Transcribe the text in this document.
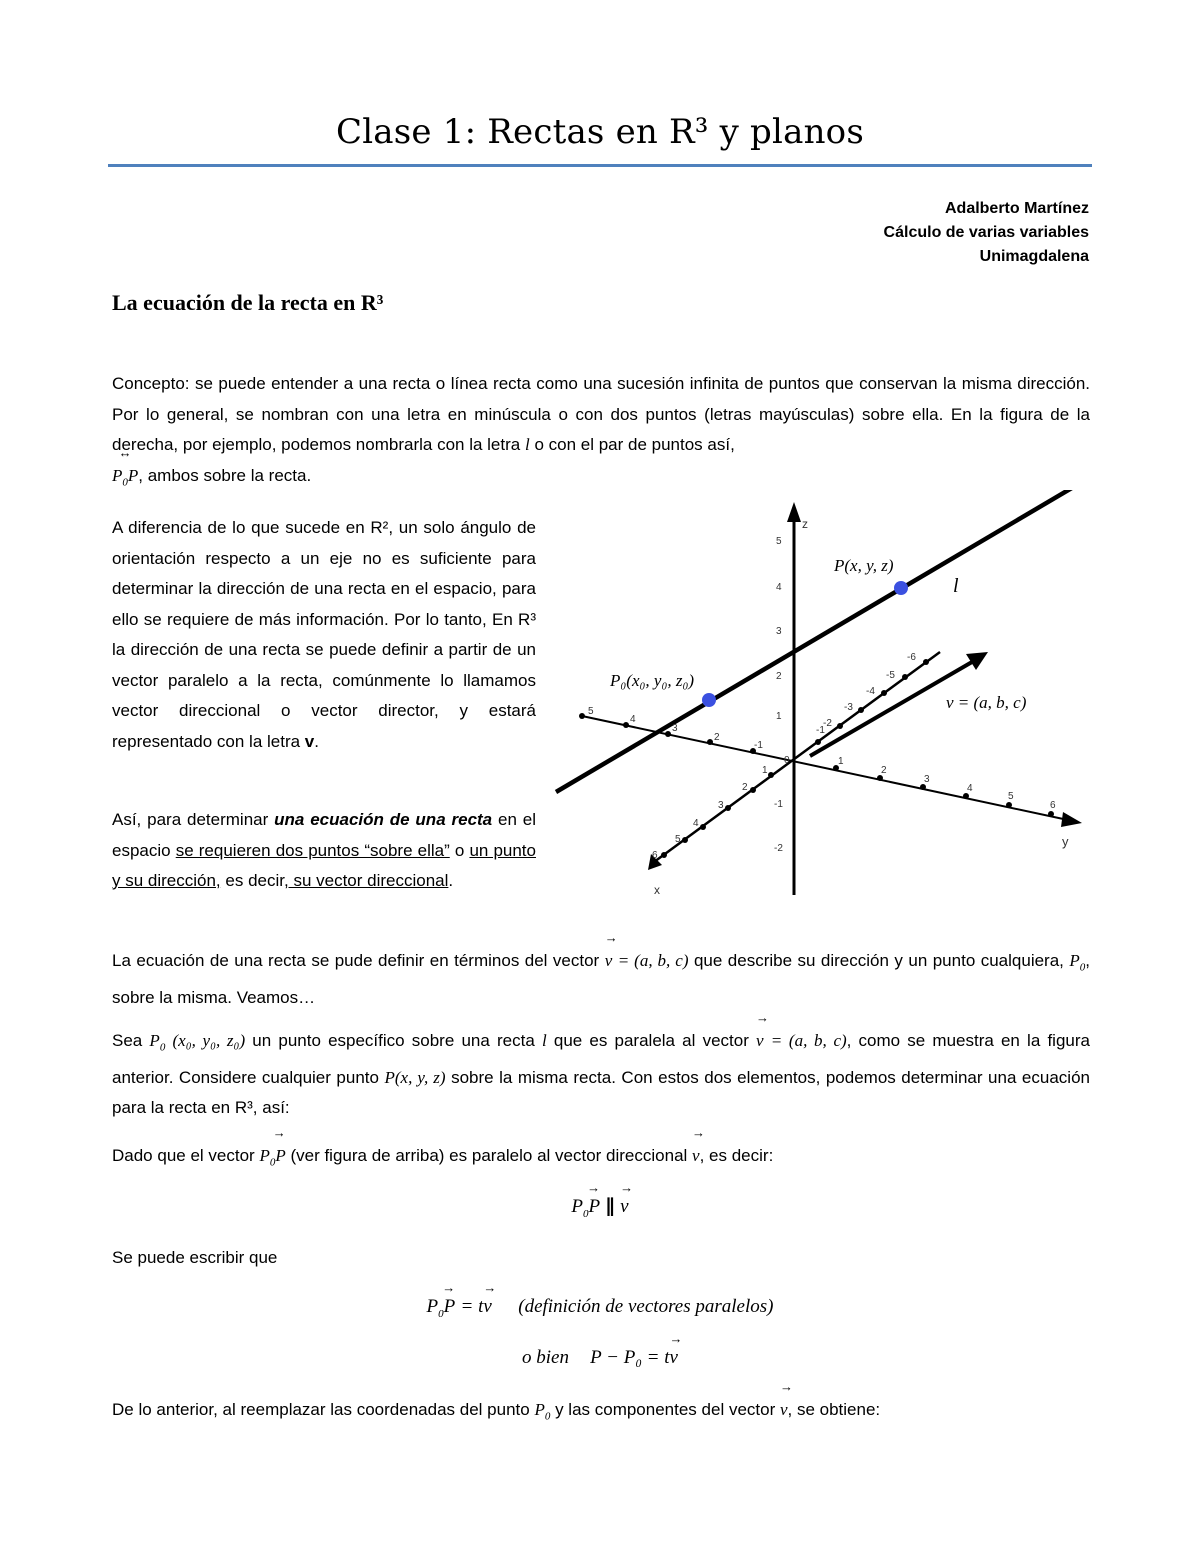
Clase 1: Rectas en R³ y planos
Adalberto Martínez
Cálculo de varias variables
Unimagdalena
La ecuación de la recta en R³
Concepto: se puede entender a una recta o línea recta como una sucesión infinita de puntos que conservan la misma dirección. Por lo general, se nombran con una letra en minúscula o con dos puntos (letras mayúsculas) sobre ella. En la figura de la derecha, por ejemplo, podemos nombrarla con la letra l o con el par de puntos así,
↔ $P_0P$, ambos sobre la recta.
A diferencia de lo que sucede en R², un solo ángulo de orientación respecto a un eje no es suficiente para determinar la dirección de una recta en el espacio, para ello se requiere de más información. Por lo tanto, En R³ la dirección de una recta se puede definir a partir de un vector paralelo a la recta, comúnmente lo llamamos vector direccional o vector director, y estará representado con la letra v.
Así, para determinar una ecuación de una recta en el espacio se requieren dos puntos “sobre ella” o un punto y su dirección, es decir, su vector direccional.
5
4
3
2
1
-1
-2
0
z
y
x
1
2
3
4
5
6
5
4
3
2
-1
1
2
3
4
5
6
-1
-2
-3
-4
-5
-6
P(x, y, z)
P₀(x₀, y₀, z₀)
l
v = (a, b, c)
La ecuación de una recta se pude definir en términos del vector → v = (a, b, c) que describe su dirección y un punto cualquiera, $P_0$, sobre la misma. Veamos…
Sea $P_0$ (x₀, y₀, z₀) un punto específico sobre una recta l que es paralela al vector → v = (a, b, c), como se muestra en la figura anterior. Considere cualquier punto P(x, y, z) sobre la misma recta. Con estos dos elementos, podemos determinar una ecuación para la recta en R³, así:
Dado que el vector → $P_0P$ (ver figura de arriba) es paralelo al vector direccional → v, es decir:
→ $P_0P$ ∥ → v
Se puede escribir que
→ $P_0P = t\to v$ (definición de vectores paralelos)
o bien P − P₀ = t→ v
De lo anterior, al reemplazar las coordenadas del punto $P_0$ y las componentes del vector → v, se obtiene:
